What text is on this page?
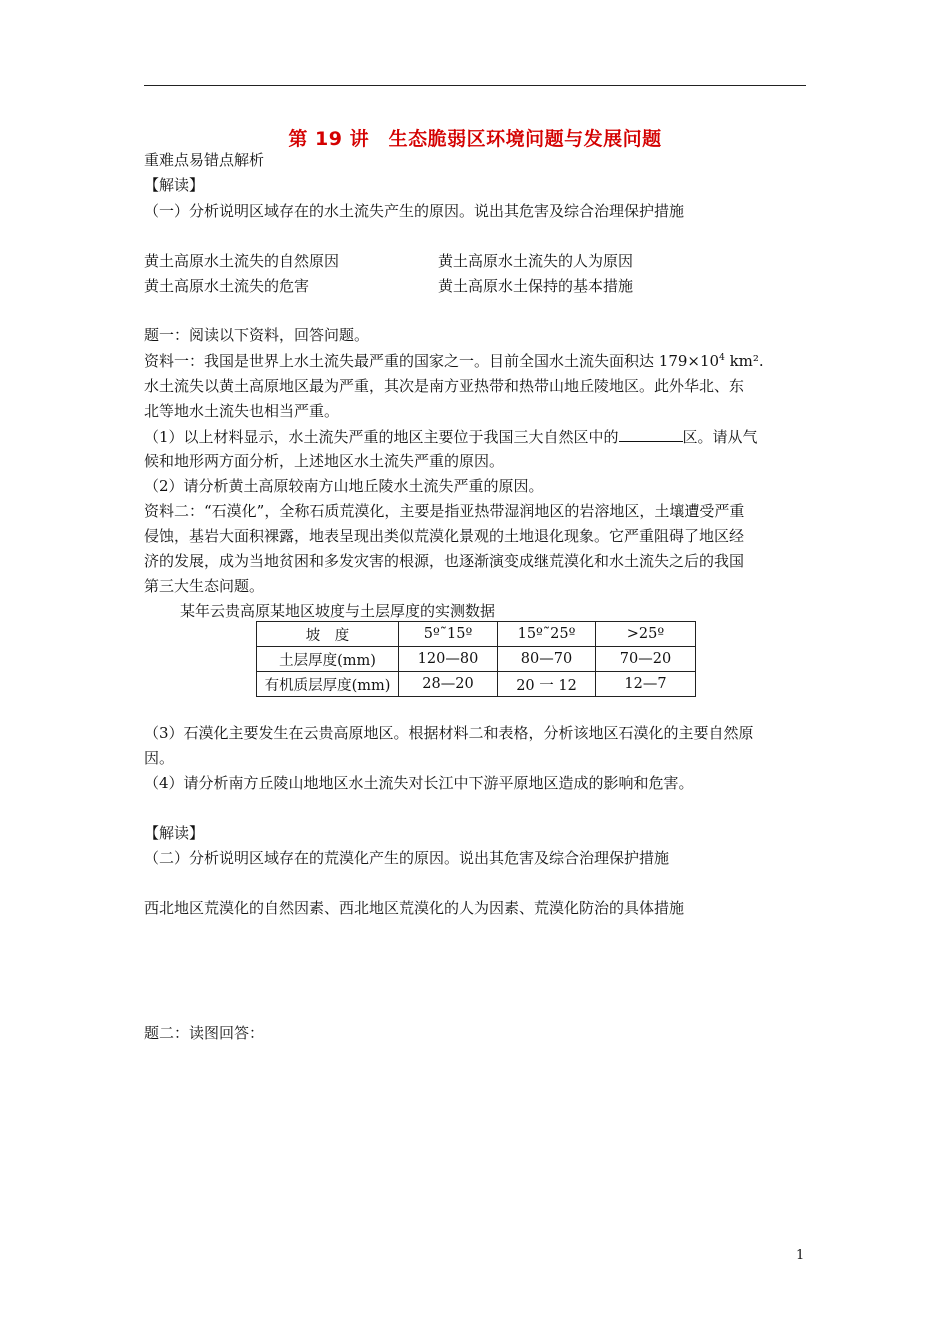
第 19 讲　生态脆弱区环境问题与发展问题
重难点易错点解析
【解读】
（一）分析说明区域存在的水土流失产生的原因。说出其危害及综合治理保护措施
黄土高原水土流失的自然原因	黄土高原水土流失的人为原因
黄土高原水土流失的危害	黄土高原水土保持的基本措施
题一：阅读以下资料，回答问题。
资料一：我国是世界上水土流失最严重的国家之一。目前全国水土流失面积达 $179\times 10^4$ km².
水土流失以黄土高原地区最为严重，其次是南方亚热带和热带山地丘陵地区。此外华北、东
北等地水土流失也相当严重。
（1）以上材料显示，水土流失严重的地区主要位于我国三大自然区中的	区。请从气
候和地形两方面分析，上述地区水土流失严重的原因。
（2）请分析黄土高原较南方山地丘陵水土流失严重的原因。
资料二：“石漠化”，全称石质荒漠化，主要是指亚热带湿润地区的岩溶地区，土壤遭受严重
侵蚀，基岩大面积裸露，地表呈现出类似荒漠化景观的土地退化现象。它严重阻碍了地区经
济的发展，成为当地贫困和多发灾害的根源，也逐渐演变成继荒漠化和水土流失之后的我国
第三大生态问题。
某年云贵高原某地区坡度与土层厚度的实测数据
坡　度	5º˜15º	15º˜25º	>25º
土层厚度(mm)	120—80	80—70	70—20
有机质层厚度(mm)	28—20	20 一 12	12—7
（3）石漠化主要发生在云贵高原地区。根据材料二和表格，分析该地区石漠化的主要自然原
因。
（4）请分析南方丘陵山地地区水土流失对长江中下游平原地区造成的影响和危害。
【解读】
（二）分析说明区域存在的荒漠化产生的原因。说出其危害及综合治理保护措施
西北地区荒漠化的自然因素、西北地区荒漠化的人为因素、荒漠化防治的具体措施
题二：读图回答：
1
